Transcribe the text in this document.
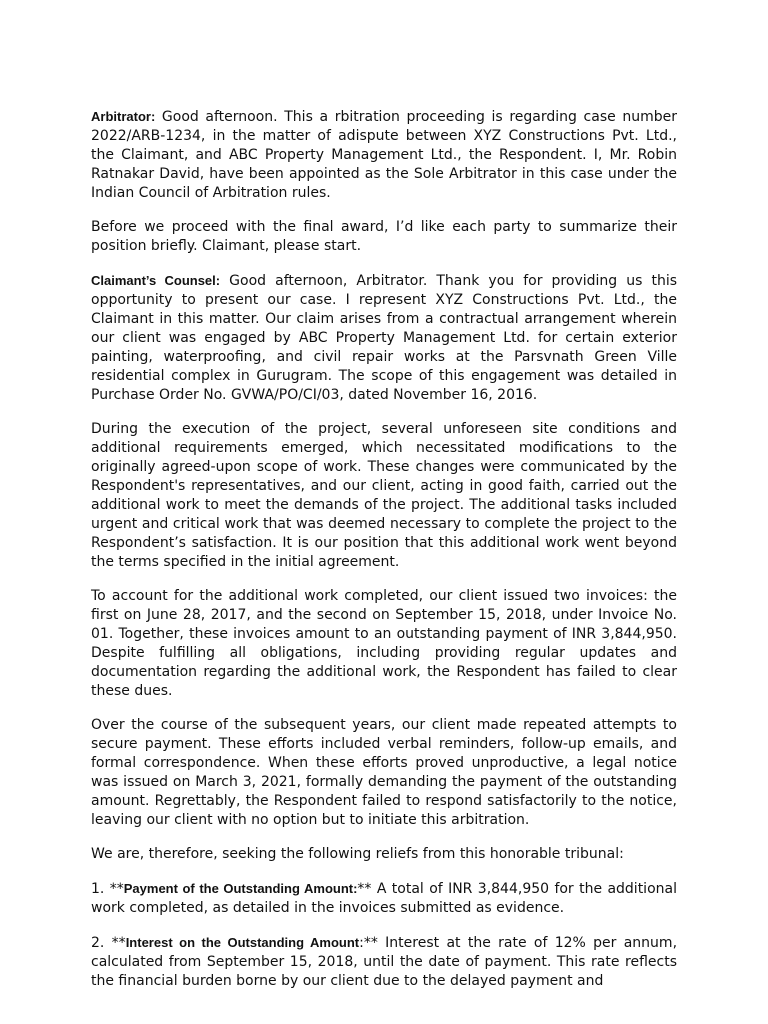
Arbitrator: Good afternoon. This a rbitration proceeding is regarding case number 2022/ARB-1234, in the matter of adispute between XYZ Constructions Pvt. Ltd., the Claimant, and ABC Property Management Ltd., the Respondent. I, Mr. Robin Ratnakar David, have been appointed as the Sole Arbitrator in this case under the Indian Council of Arbitration rules.

Before we proceed with the final award, I’d like each party to summarize their position briefly. Claimant, please start.

Claimant’s Counsel: Good afternoon, Arbitrator. Thank you for providing us this opportunity to present our case. I represent XYZ Constructions Pvt. Ltd., the Claimant in this matter. Our claim arises from a contractual arrangement wherein our client was engaged by ABC Property Management Ltd. for certain exterior painting, waterproofing, and civil repair works at the Parsvnath Green Ville residential complex in Gurugram. The scope of this engagement was detailed in Purchase Order No. GVWA/PO/CI/03, dated November 16, 2016.

During the execution of the project, several unforeseen site conditions and additional requirements emerged, which necessitated modifications to the originally agreed-upon scope of work. These changes were communicated by the Respondent's representatives, and our client, acting in good faith, carried out the additional work to meet the demands of the project. The additional tasks included urgent and critical work that was deemed necessary to complete the project to the Respondent’s satisfaction. It is our position that this additional work went beyond the terms specified in the initial agreement.

To account for the additional work completed, our client issued two invoices: the first on June 28, 2017, and the second on September 15, 2018, under Invoice No. 01. Together, these invoices amount to an outstanding payment of INR 3,844,950. Despite fulfilling all obligations, including providing regular updates and documentation regarding the additional work, the Respondent has failed to clear these dues.

Over the course of the subsequent years, our client made repeated attempts to secure payment. These efforts included verbal reminders, follow-up emails, and formal correspondence. When these efforts proved unproductive, a legal notice was issued on March 3, 2021, formally demanding the payment of the outstanding amount. Regrettably, the Respondent failed to respond satisfactorily to the notice, leaving our client with no option but to initiate this arbitration.

We are, therefore, seeking the following reliefs from this honorable tribunal:

1. **Payment of the Outstanding Amount:** A total of INR 3,844,950 for the additional work completed, as detailed in the invoices submitted as evidence.

2. **Interest on the Outstanding Amount:** Interest at the rate of 12% per annum, calculated from September 15, 2018, until the date of payment. This rate reflects the financial burden borne by our client due to the delayed payment and
